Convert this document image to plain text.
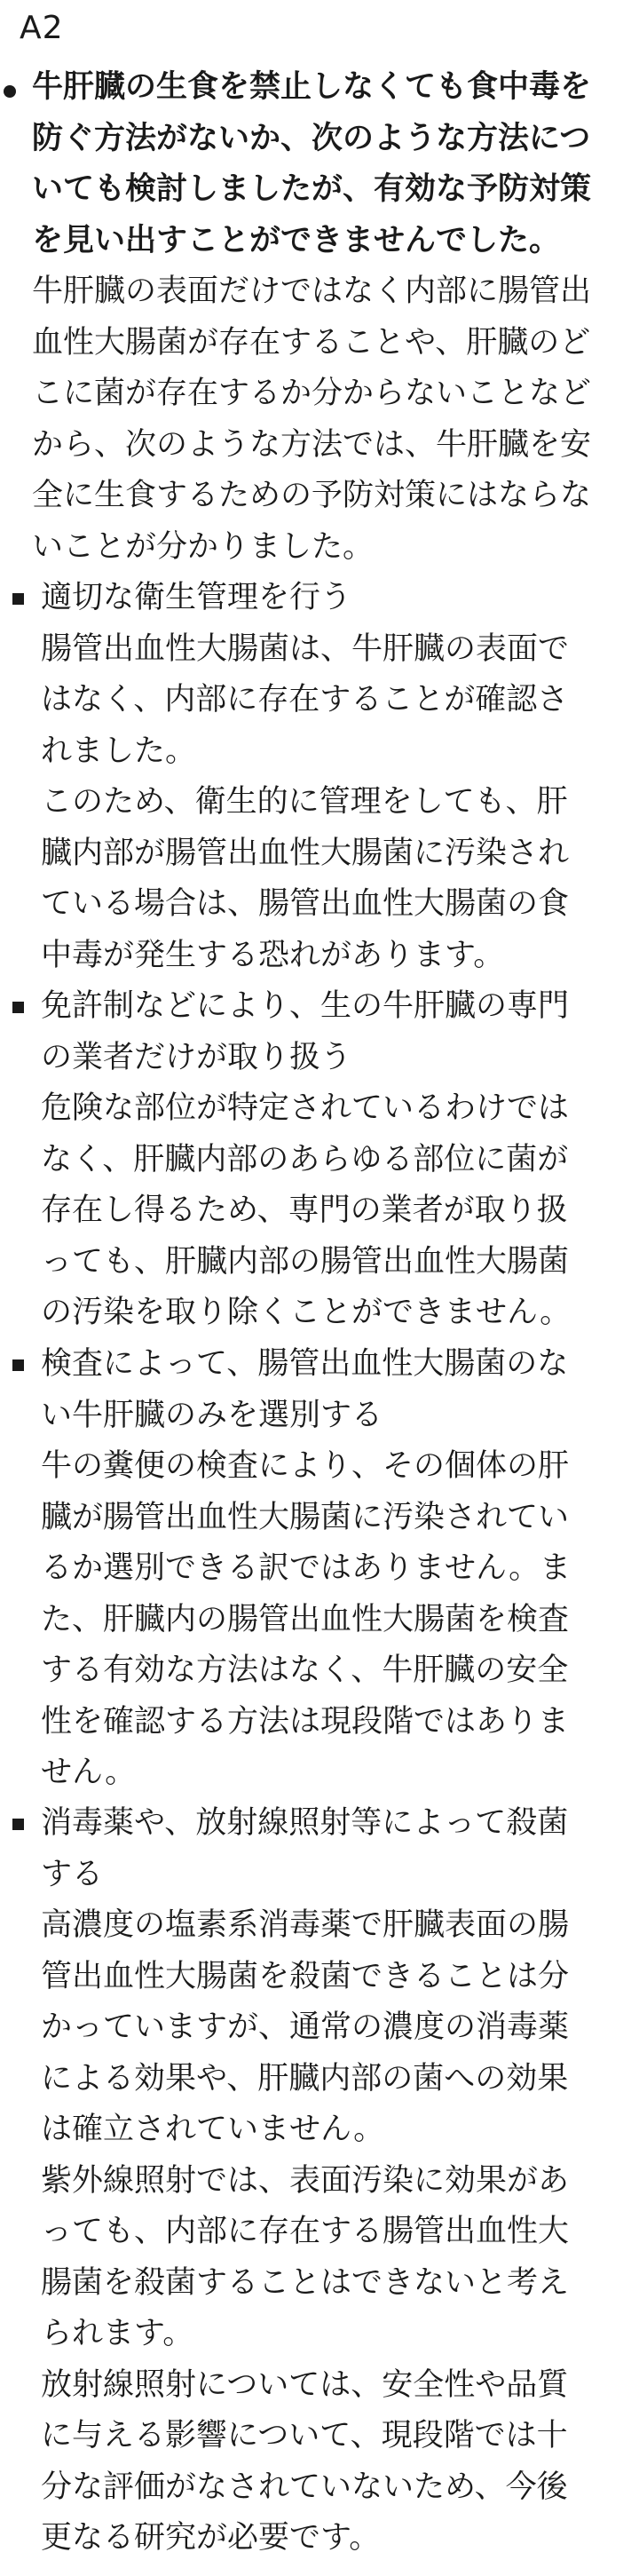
A2

牛肝臓の生食を禁止しなくても食中毒を

防ぐ方法がないか、次のような方法につ

いても検討しましたが、有効な予防対策

を見い出すことができませんでした。

牛肝臓の表面だけではなく内部に腸管出

血性大腸菌が存在することや、肝臓のど

こに菌が存在するか分からないことなど

から、次のような方法では、牛肝臓を安

全に生食するための予防対策にはならな

いことが分かりました。

適切な衛生管理を行う

腸管出血性大腸菌は、牛肝臓の表面で

はなく、内部に存在することが確認さ

れました。

このため、衛生的に管理をしても、肝

臓内部が腸管出血性大腸菌に汚染され

ている場合は、腸管出血性大腸菌の食

中毒が発生する恐れがあります。

免許制などにより、生の牛肝臓の専門

の業者だけが取り扱う

危険な部位が特定されているわけでは

なく、肝臓内部のあらゆる部位に菌が

存在し得るため、専門の業者が取り扱

っても、肝臓内部の腸管出血性大腸菌

の汚染を取り除くことができません。

検査によって、腸管出血性大腸菌のな

い牛肝臓のみを選別する

牛の糞便の検査により、その個体の肝

臓が腸管出血性大腸菌に汚染されてい

るか選別できる訳ではありません。ま

た、肝臓内の腸管出血性大腸菌を検査

する有効な方法はなく、牛肝臓の安全

性を確認する方法は現段階ではありま

せん。

消毒薬や、放射線照射等によって殺菌

する

高濃度の塩素系消毒薬で肝臓表面の腸

管出血性大腸菌を殺菌できることは分

かっていますが、通常の濃度の消毒薬

による効果や、肝臓内部の菌への効果

は確立されていません。

紫外線照射では、表面汚染に効果があ

っても、内部に存在する腸管出血性大

腸菌を殺菌することはできないと考え

られます。

放射線照射については、安全性や品質

に与える影響について、現段階では十

分な評価がなされていないため、今後

更なる研究が必要です。
